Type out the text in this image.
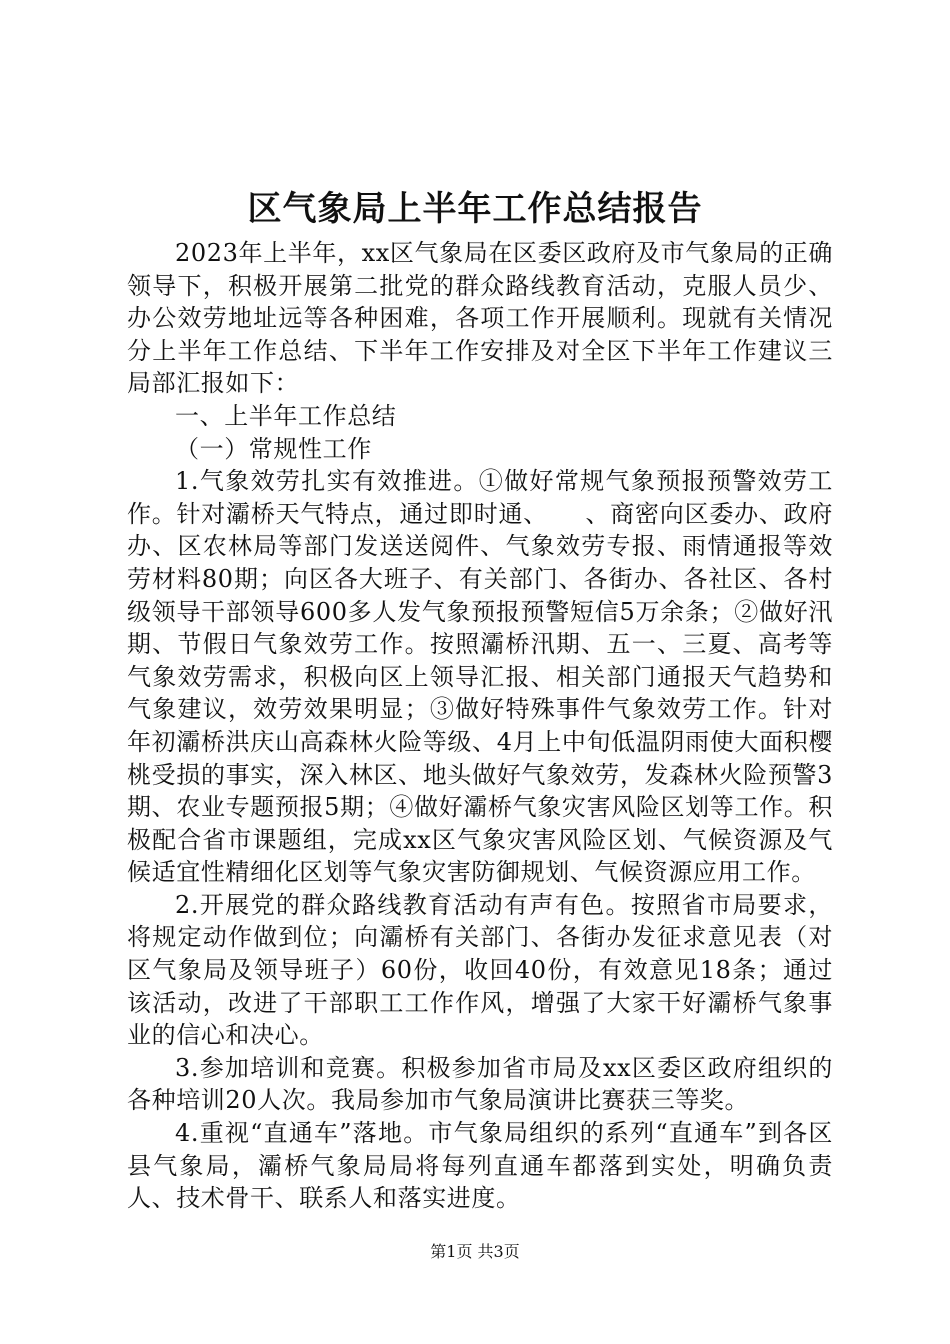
区气象局上半年工作总结报告

2023年上半年，xx区气象局在区委区政府及市气象局的正确领导下，积极开展第二批党的群众路线教育活动，克服人员少、办公效劳地址远等各种困难，各项工作开展顺利。现就有关情况分上半年工作总结、下半年工作安排及对全区下半年工作建议三局部汇报如下：

一、上半年工作总结

（一）常规性工作

1.气象效劳扎实有效推进。①做好常规气象预报预警效劳工作。针对灞桥天气特点，通过即时通、　　、商密向区委办、政府办、区农林局等部门发送送阅件、气象效劳专报、雨情通报等效劳材料80期；向区各大班子、有关部门、各街办、各社区、各村级领导干部领导600多人发气象预报预警短信5万余条；②做好汛期、节假日气象效劳工作。按照灞桥汛期、五一、三夏、高考等气象效劳需求，积极向区上领导汇报、相关部门通报天气趋势和气象建议，效劳效果明显；③做好特殊事件气象效劳工作。针对年初灞桥洪庆山高森林火险等级、4月上中旬低温阴雨使大面积樱桃受损的事实，深入林区、地头做好气象效劳，发森林火险预警3期、农业专题预报5期；④做好灞桥气象灾害风险区划等工作。积极配合省市课题组，完成xx区气象灾害风险区划、气候资源及气候适宜性精细化区划等气象灾害防御规划、气候资源应用工作。

2.开展党的群众路线教育活动有声有色。按照省市局要求，将规定动作做到位；向灞桥有关部门、各街办发征求意见表（对区气象局及领导班子）60份，收回40份，有效意见18条；通过该活动，改进了干部职工工作作风，增强了大家干好灞桥气象事业的信心和决心。

3.参加培训和竞赛。积极参加省市局及xx区委区政府组织的各种培训20人次。我局参加市气象局演讲比赛获三等奖。

4.重视“直通车”落地。市气象局组织的系列“直通车”到各区县气象局，灞桥气象局局将每列直通车都落到实处，明确负责人、技术骨干、联系人和落实进度。

第1页 共3页
